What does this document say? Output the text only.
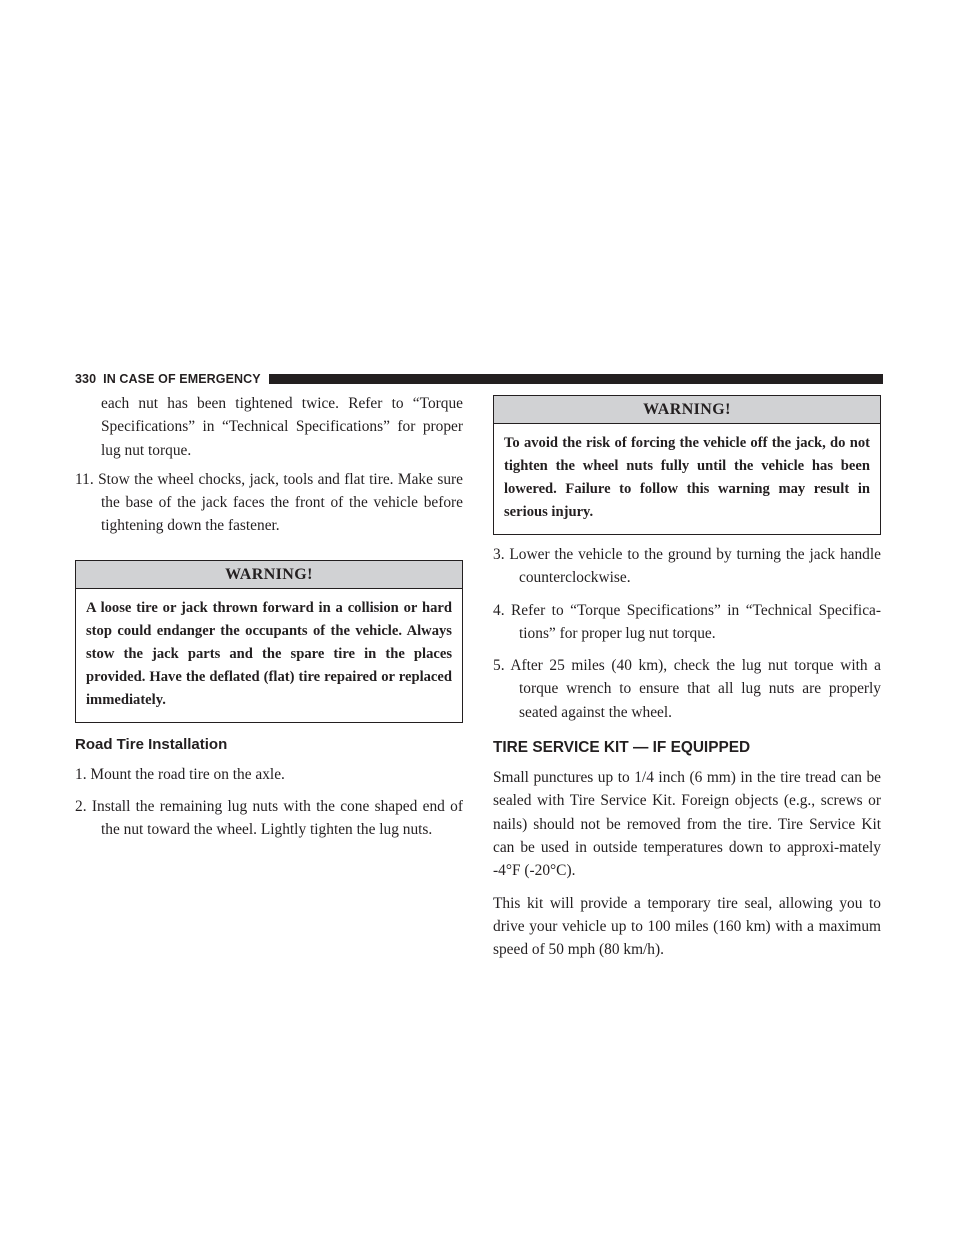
330 IN CASE OF EMERGENCY

each nut has been tightened twice. Refer to “Torque Specifications” in “Technical Specifications” for proper lug nut torque.

11. Stow the wheel chocks, jack, tools and flat tire. Make sure the base of the jack faces the front of the vehicle before tightening down the fastener.

WARNING!
A loose tire or jack thrown forward in a collision or hard stop could endanger the occupants of the vehicle. Always stow the jack parts and the spare tire in the places provided. Have the deflated (flat) tire repaired or replaced immediately.
Road Tire Installation

1. Mount the road tire on the axle.

2. Install the remaining lug nuts with the cone shaped end of the nut toward the wheel. Lightly tighten the lug nuts.

WARNING!
To avoid the risk of forcing the vehicle off the jack, do not tighten the wheel nuts fully until the vehicle has been lowered. Failure to follow this warning may result in serious injury.

3. Lower the vehicle to the ground by turning the jack handle counterclockwise.

4. Refer to “Torque Specifications” in “Technical Specifica-tions” for proper lug nut torque.

5. After 25 miles (40 km), check the lug nut torque with a torque wrench to ensure that all lug nuts are properly seated against the wheel.

TIRE SERVICE KIT — IF EQUIPPED

Small punctures up to 1/4 inch (6 mm) in the tire tread can be sealed with Tire Service Kit. Foreign objects (e.g., screws or nails) should not be removed from the tire. Tire Service Kit can be used in outside temperatures down to approxi-mately -4°F (-20°C).

This kit will provide a temporary tire seal, allowing you to drive your vehicle up to 100 miles (160 km) with a maximum speed of 50 mph (80 km/h).
